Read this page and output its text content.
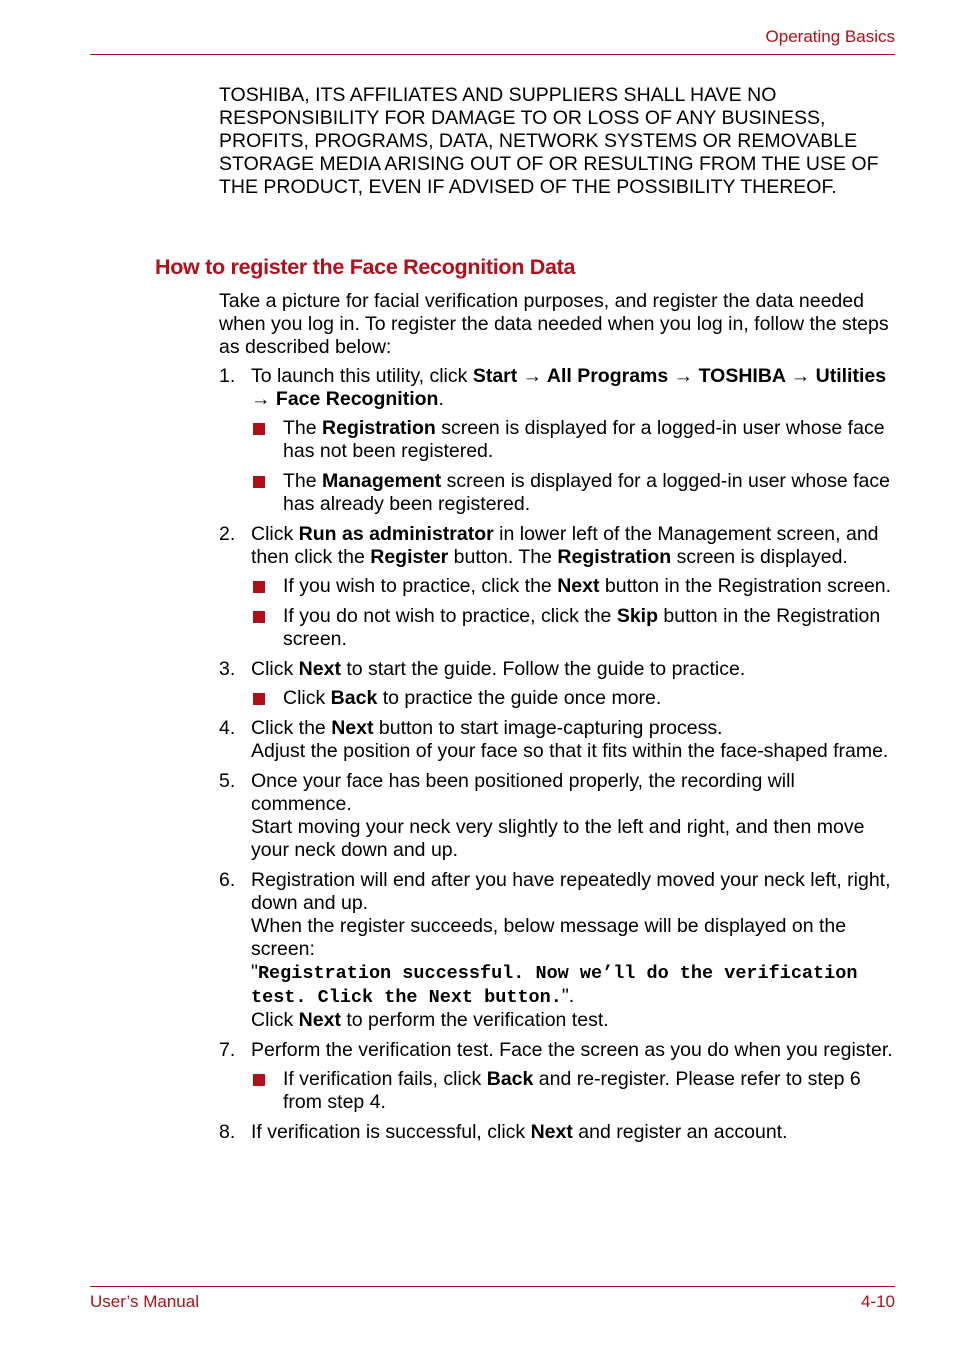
Operating Basics

TOSHIBA, ITS AFFILIATES AND SUPPLIERS SHALL HAVE NO RESPONSIBILITY FOR DAMAGE TO OR LOSS OF ANY BUSINESS, PROFITS, PROGRAMS, DATA, NETWORK SYSTEMS OR REMOVABLE STORAGE MEDIA ARISING OUT OF OR RESULTING FROM THE USE OF THE PRODUCT, EVEN IF ADVISED OF THE POSSIBILITY THEREOF.

How to register the Face Recognition Data

Take a picture for facial verification purposes, and register the data needed when you log in. To register the data needed when you log in, follow the steps as described below:

1. To launch this utility, click Start → All Programs → TOSHIBA → Utilities → Face Recognition.
The Registration screen is displayed for a logged-in user whose face has not been registered.
The Management screen is displayed for a logged-in user whose face has already been registered.
2. Click Run as administrator in lower left of the Management screen, and then click the Register button. The Registration screen is displayed.
If you wish to practice, click the Next button in the Registration screen.
If you do not wish to practice, click the Skip button in the Registration screen.
3. Click Next to start the guide. Follow the guide to practice.
Click Back to practice the guide once more.
4. Click the Next button to start image-capturing process.
Adjust the position of your face so that it fits within the face-shaped frame.
5. Once your face has been positioned properly, the recording will commence.
Start moving your neck very slightly to the left and right, and then move your neck down and up.
6. Registration will end after you have repeatedly moved your neck left, right, down and up.
When the register succeeds, below message will be displayed on the screen:
"Registration successful. Now we’ll do the verification test. Click the Next button.".
Click Next to perform the verification test.
7. Perform the verification test. Face the screen as you do when you register.
If verification fails, click Back and re-register. Please refer to step 6 from step 4.
8. If verification is successful, click Next and register an account.
User’s Manual	4-10
